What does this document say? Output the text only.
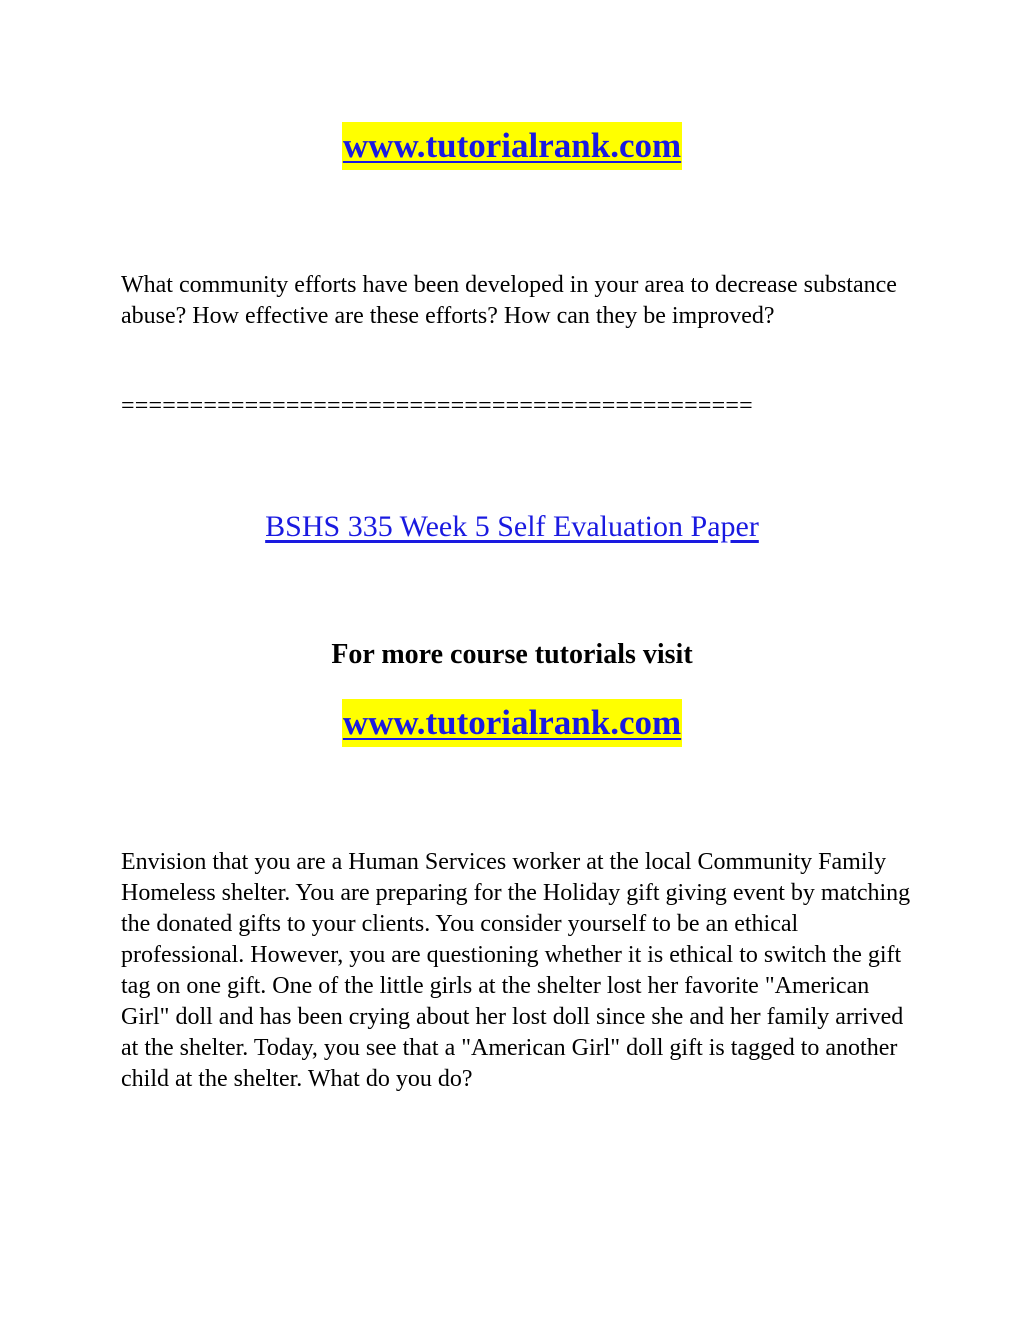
www.tutorialrank.com

What community efforts have been developed in your area to decrease substance abuse? How effective are these efforts? How can they be improved?

==============================================
BSHS 335 Week 5 Self Evaluation Paper
For more course tutorials visit
www.tutorialrank.com

Envision that you are a Human Services worker at the local Community Family Homeless shelter. You are preparing for the Holiday gift giving event by matching the donated gifts to your clients. You consider yourself to be an ethical professional. However, you are questioning whether it is ethical to switch the gift tag on one gift. One of the little girls at the shelter lost her favorite "American Girl" doll and has been crying about her lost doll since she and her family arrived at the shelter. Today, you see that a "American Girl" doll gift is tagged to another child at the shelter. What do you do?
